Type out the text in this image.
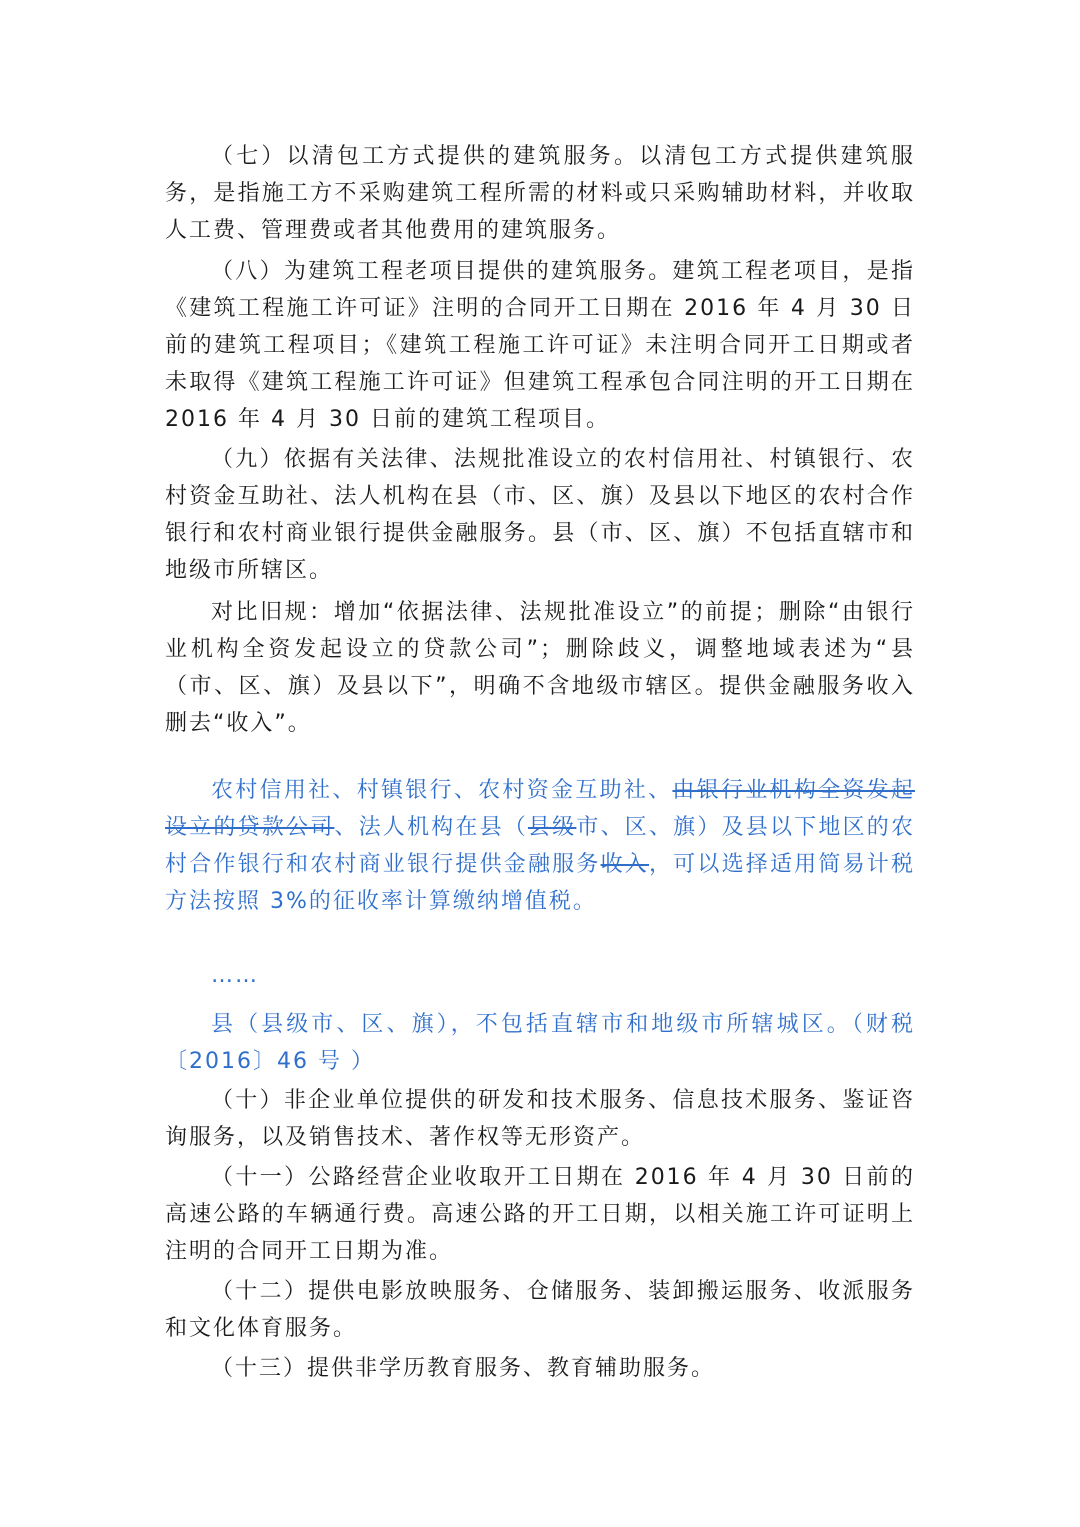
（七）以清包工方式提供的建筑服务。以清包工方式提供建筑服务，是指施工方不采购建筑工程所需的材料或只采购辅助材料，并收取人工费、管理费或者其他费用的建筑服务。

（八）为建筑工程老项目提供的建筑服务。建筑工程老项目，是指《建筑工程施工许可证》注明的合同开工日期在 2016 年 4 月 30 日前的建筑工程项目；《建筑工程施工许可证》未注明合同开工日期或者未取得《建筑工程施工许可证》但建筑工程承包合同注明的开工日期在 2016 年 4 月 30 日前的建筑工程项目。

（九）依据有关法律、法规批准设立的农村信用社、村镇银行、农村资金互助社、法人机构在县（市、区、旗）及县以下地区的农村合作银行和农村商业银行提供金融服务。县（市、区、旗）不包括直辖市和地级市所辖区。

对比旧规：增加“依据法律、法规批准设立”的前提；删除“由银行业机构全资发起设立的贷款公司”；删除歧义，调整地域表述为“县（市、区、旗）及县以下”，明确不含地级市辖区。提供金融服务收入删去“收入”。

农村信用社、村镇银行、农村资金互助社、由银行业机构全资发起设立的贷款公司、法人机构在县（县级市、区、旗）及县以下地区的农村合作银行和农村商业银行提供金融服务收入，可以选择适用简易计税方法按照 3%的征收率计算缴纳增值税。

……

县（县级市、区、旗），不包括直辖市和地级市所辖城区。（财税〔2016〕46 号 ）

（十）非企业单位提供的研发和技术服务、信息技术服务、鉴证咨询服务，以及销售技术、著作权等无形资产。

（十一）公路经营企业收取开工日期在 2016 年 4 月 30 日前的高速公路的车辆通行费。高速公路的开工日期，以相关施工许可证明上注明的合同开工日期为准。

（十二）提供电影放映服务、仓储服务、装卸搬运服务、收派服务和文化体育服务。

（十三）提供非学历教育服务、教育辅助服务。
